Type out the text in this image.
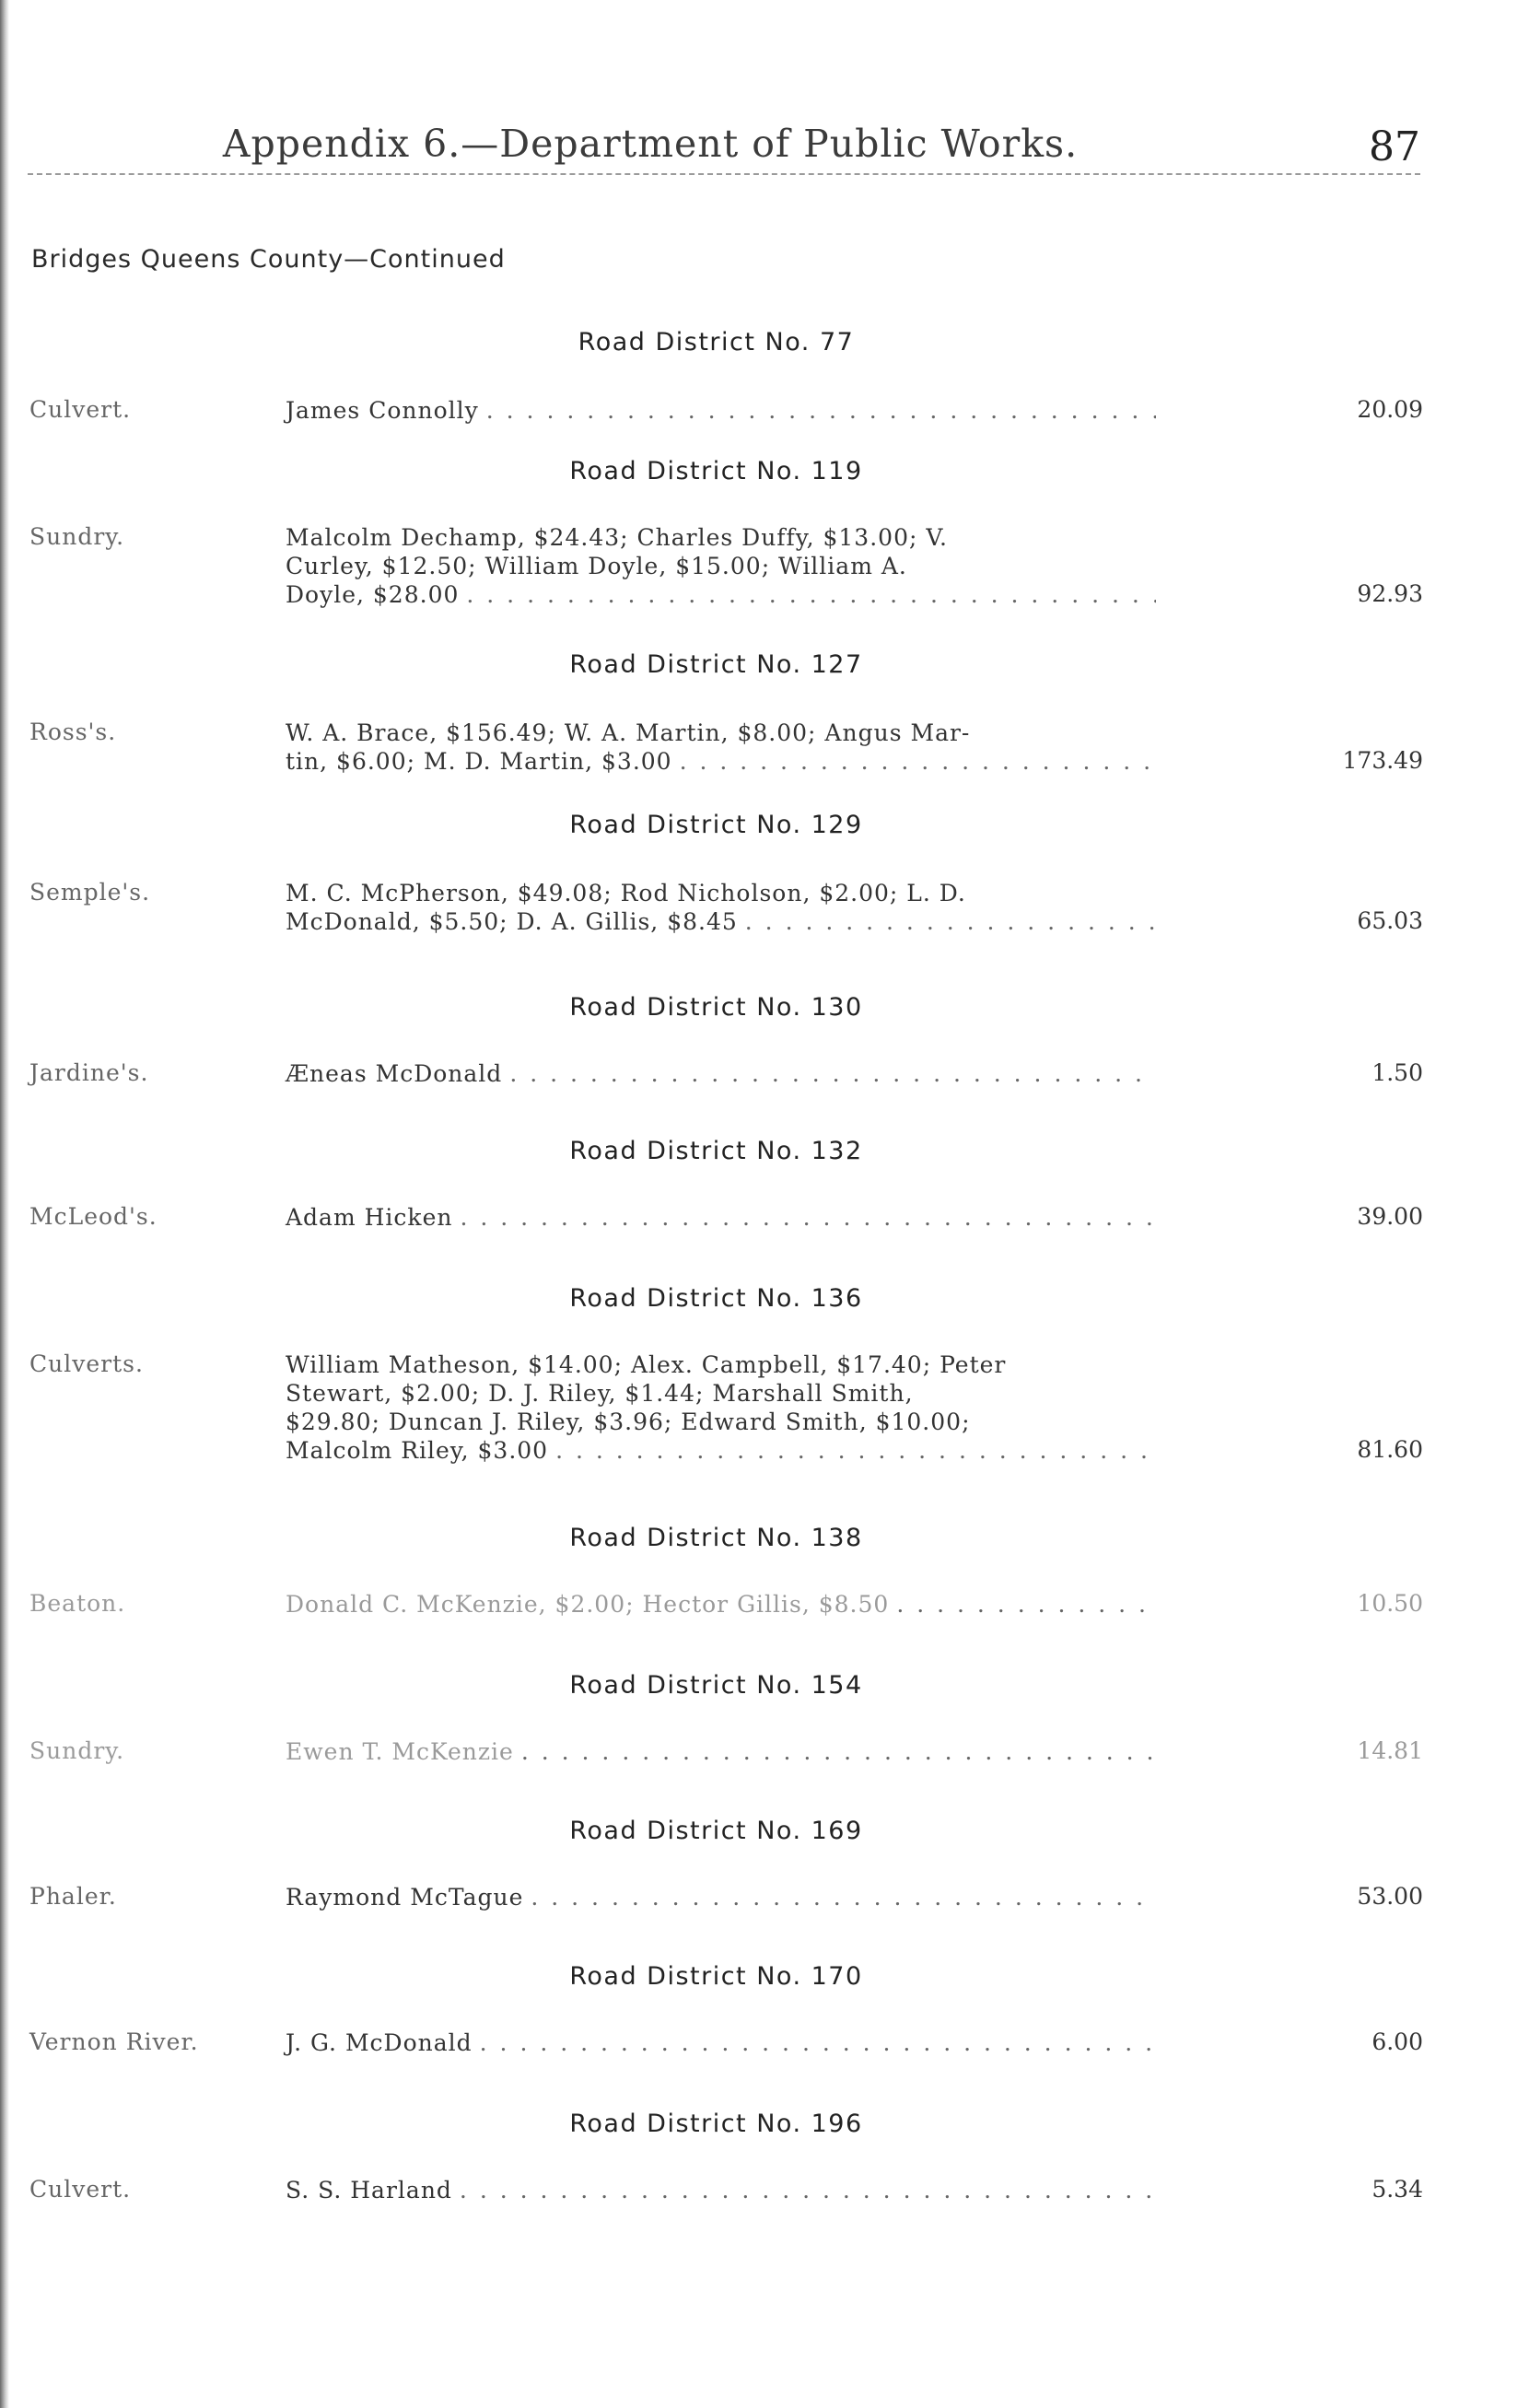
Appendix 6.—Department of Public Works.	87
Bridges Queens County—Continued
Road District No. 77
Culvert.	James Connolly . . .	20.09
Road District No. 119
Sundry.	Malcolm Dechamp, $24.43; Charles Duffy, $13.00; V.
Curley, $12.50; William Doyle, $15.00; William A.
Doyle, $28.00 . . .	92.93
Road District No. 127
Ross's.	W. A. Brace, $156.49; W. A. Martin, $8.00; Angus Mar-
tin, $6.00; M. D. Martin, $3.00 . . .	173.49
Road District No. 129
Semple's.	M. C. McPherson, $49.08; Rod Nicholson, $2.00; L. D.
McDonald, $5.50; D. A. Gillis, $8.45 . . .	65.03
Road District No. 130
Jardine's.	Æneas McDonald . . .	1.50
Road District No. 132
McLeod's.	Adam Hicken . . .	39.00
Road District No. 136
Culverts.	William Matheson, $14.00; Alex. Campbell, $17.40; Peter
Stewart, $2.00; D. J. Riley, $1.44; Marshall Smith,
$29.80; Duncan J. Riley, $3.96; Edward Smith, $10.00;
Malcolm Riley, $3.00 . . .	81.60
Road District No. 138
Beaton.	Donald C. McKenzie, $2.00; Hector Gillis, $8.50 . . .	10.50
Road District No. 154
Sundry.	Ewen T. McKenzie . . .	14.81
Road District No. 169
Phaler.	Raymond McTague . . .	53.00
Road District No. 170
Vernon River.	J. G. McDonald . . .	6.00
Road District No. 196
Culvert.	S. S. Harland . . .	5.34
